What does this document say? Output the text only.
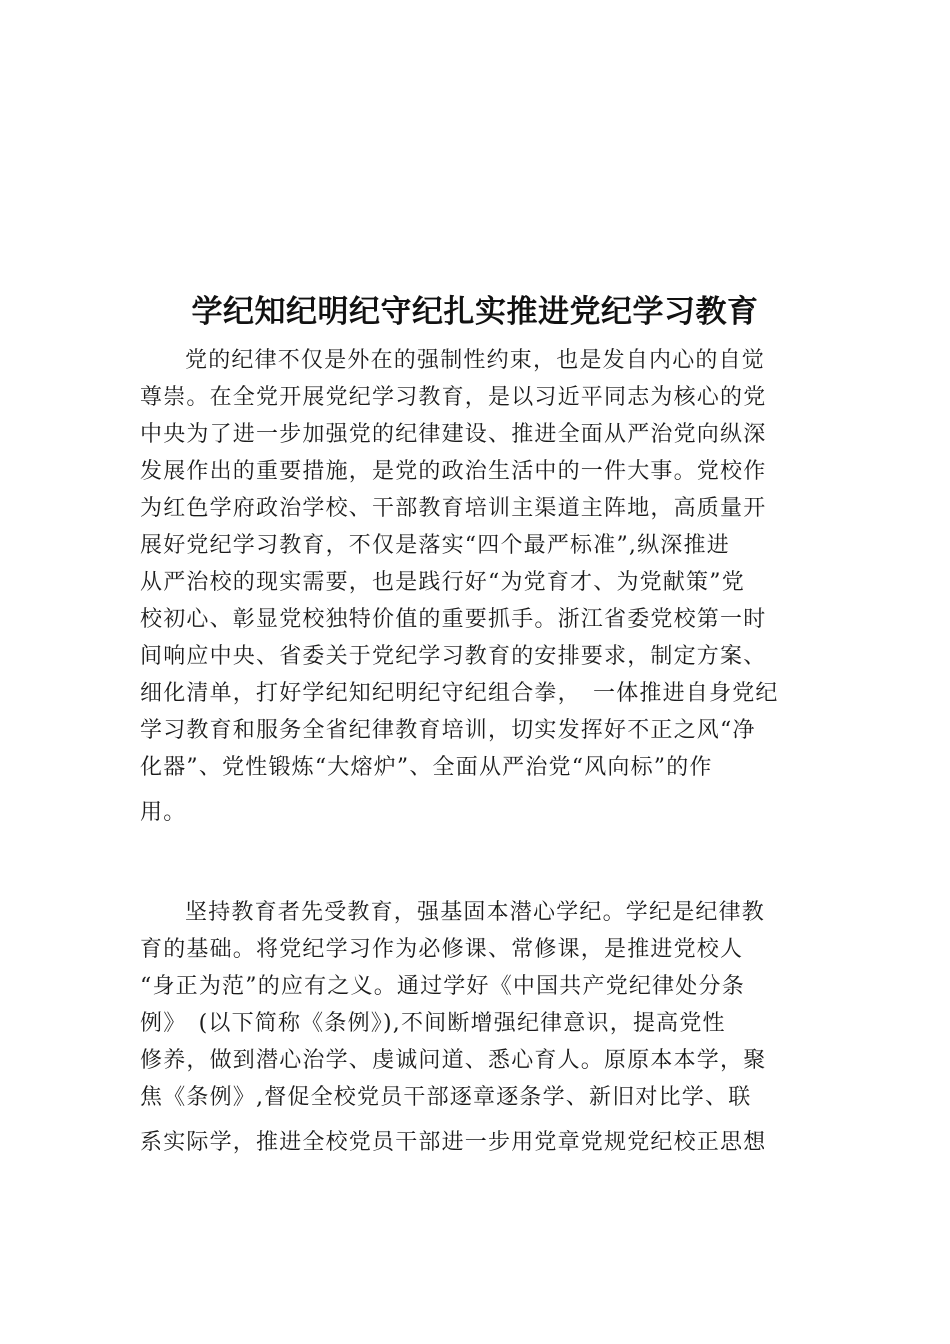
学纪知纪明纪守纪扎实推进党纪学习教育
党的纪律不仅是外在的强制性约束，也是发自内心的自觉
尊崇。在全党开展党纪学习教育，是以习近平同志为核心的党
中央为了进一步加强党的纪律建设、推进全面从严治党向纵深
发展作出的重要措施，是党的政治生活中的一件大事。党校作
为红色学府政治学校、干部教育培训主渠道主阵地，高质量开
展好党纪学习教育，不仅是落实“四个最严标准”,纵深推进
从严治校的现实需要，也是践行好“为党育才、为党献策”党
校初心、彰显党校独特价值的重要抓手。浙江省委党校第一时
间响应中央、省委关于党纪学习教育的安排要求，制定方案、
细化清单，打好学纪知纪明纪守纪组合拳，　一体推进自身党纪
学习教育和服务全省纪律教育培训，切实发挥好不正之风“净
化器”、党性锻炼“大熔炉”、全面从严治党“风向标”的作
用。
坚持教育者先受教育，强基固本潜心学纪。学纪是纪律教
育的基础。将党纪学习作为必修课、常修课，是推进党校人
“身正为范”的应有之义。通过学好《中国共产党纪律处分条
例》　(以下简称《条例》),不间断增强纪律意识，提高党性
修养，做到潜心治学、虔诚问道、悉心育人。原原本本学，聚
焦《条例》,督促全校党员干部逐章逐条学、新旧对比学、联
系实际学，推进全校党员干部进一步用党章党规党纪校正思想
